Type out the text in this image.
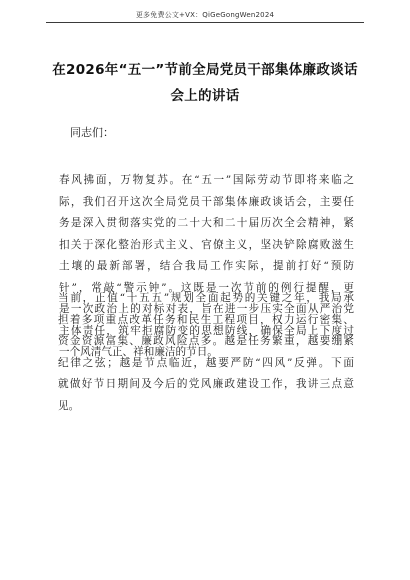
更多免费公文+VX：QiGeGongWen2024
在2026年“五一”节前全局党员干部集体廉政谈话
会上的讲话
同志们：
春风拂面，万物复苏。在“五一”国际劳动节即将来临之
际，我们召开这次全局党员干部集体廉政谈话会，主要任
务是深入贯彻落实党的二十大和二十届历次全会精神，紧
扣关于深化整治形式主义、官僚主义，坚决铲除腐败滋生
土壤的最新部署，结合我局工作实际，提前打好“预防
针”，常敲“警示钟”。这既是一次节前的例行提醒，更
是一次政治上的对标对表，旨在进一步压实全面从严治党
主体责任，筑牢拒腐防变的思想防线，确保全局上下度过
一个风清气正、祥和廉洁的节日。
当前，正值“十五五”规划全面起势的关键之年，我局承
担着多项重点改革任务和民生工程项目，权力运行密集、
资金资源富集、廉政风险点多。越是任务繁重，越要绷紧
纪律之弦；越是节点临近，越要严防“四风”反弹。下面
就做好节日期间及今后的党风廉政建设工作，我讲三点意
见。
